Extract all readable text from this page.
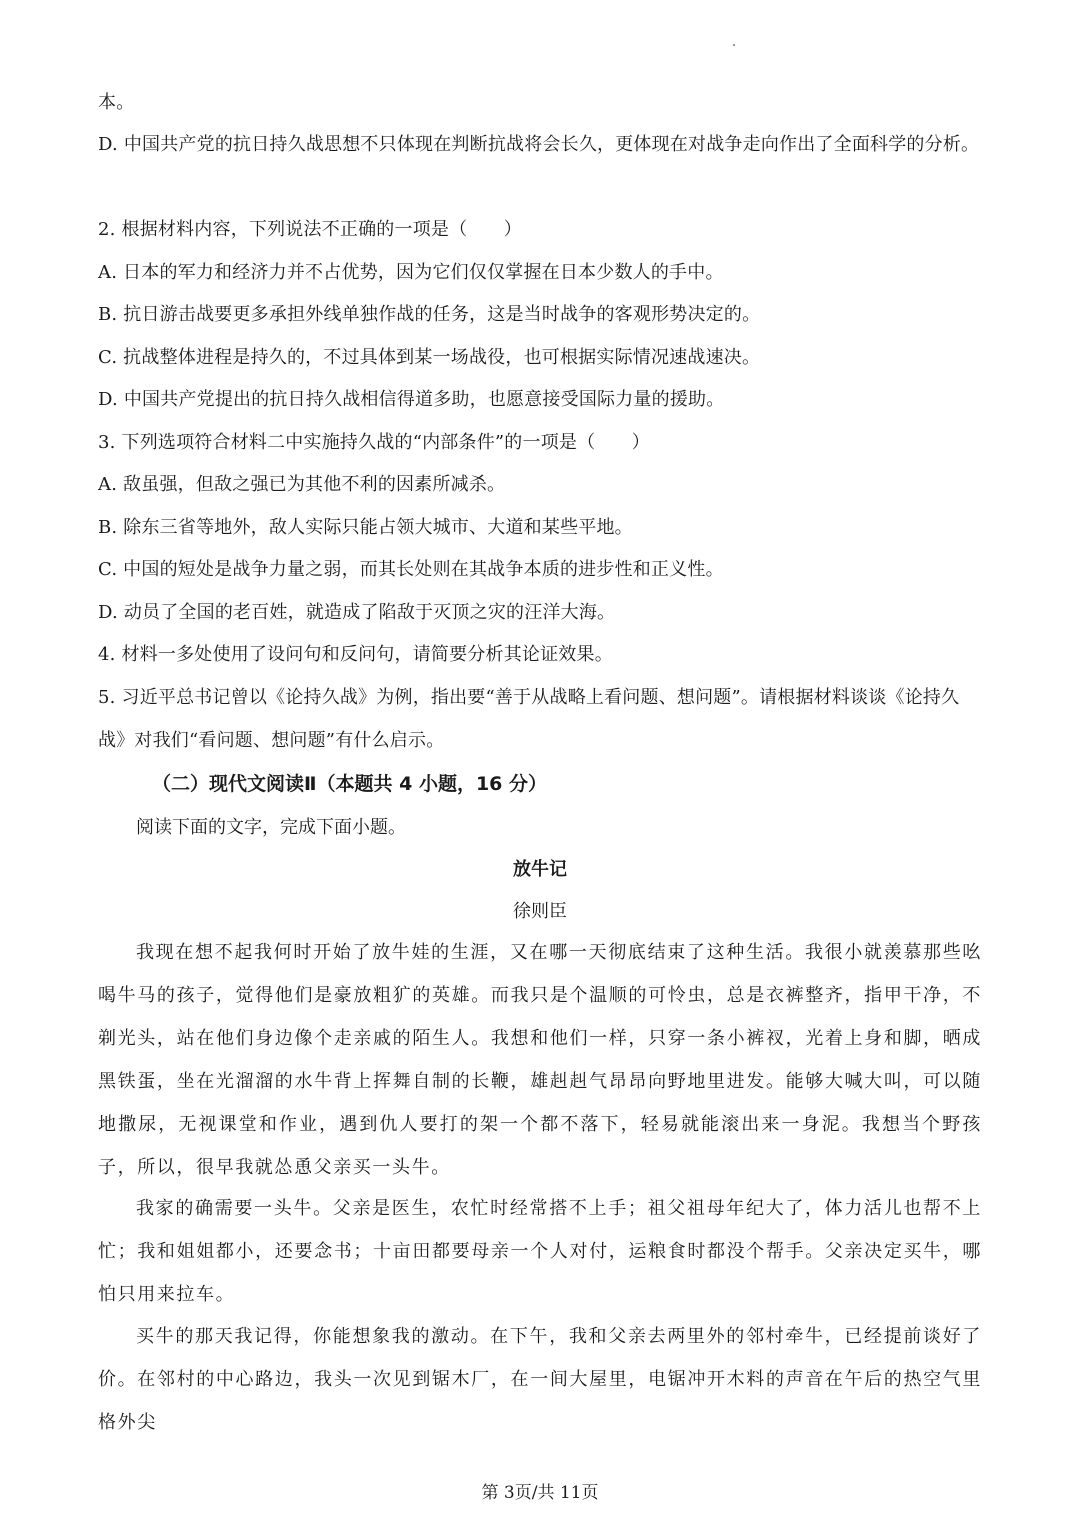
本。
D. 中国共产党的抗日持久战思想不只体现在判断抗战将会长久，更体现在对战争走向作出了全面科学的分析。
2. 根据材料内容，下列说法不正确的一项是（　　）
A. 日本的军力和经济力并不占优势，因为它们仅仅掌握在日本少数人的手中。
B. 抗日游击战要更多承担外线单独作战的任务，这是当时战争的客观形势决定的。
C. 抗战整体进程是持久的，不过具体到某一场战役，也可根据实际情况速战速决。
D. 中国共产党提出的抗日持久战相信得道多助，也愿意接受国际力量的援助。
3. 下列选项符合材料二中实施持久战的“内部条件”的一项是（　　）
A. 敌虽强，但敌之强已为其他不利的因素所减杀。
B. 除东三省等地外，敌人实际只能占领大城市、大道和某些平地。
C. 中国的短处是战争力量之弱，而其长处则在其战争本质的进步性和正义性。
D. 动员了全国的老百姓，就造成了陷敌于灭顶之灾的汪洋大海。
4. 材料一多处使用了设问句和反问句，请简要分析其论证效果。
5. 习近平总书记曾以《论持久战》为例，指出要“善于从战略上看问题、想问题”。请根据材料谈谈《论持久战》对我们“看问题、想问题”有什么启示。
（二）现代文阅读Ⅱ（本题共 4 小题，16 分）
阅读下面的文字，完成下面小题。
放牛记
徐则臣
我现在想不起我何时开始了放牛娃的生涯，又在哪一天彻底结束了这种生活。我很小就羡慕那些吆喝牛马的孩子，觉得他们是豪放粗犷的英雄。而我只是个温顺的可怜虫，总是衣裤整齐，指甲干净，不剃光头，站在他们身边像个走亲戚的陌生人。我想和他们一样，只穿一条小裤衩，光着上身和脚，晒成黑铁蛋，坐在光溜溜的水牛背上挥舞自制的长鞭，雄赳赳气昂昂向野地里进发。能够大喊大叫，可以随地撒尿，无视课堂和作业，遇到仇人要打的架一个都不落下，轻易就能滚出来一身泥。我想当个野孩子，所以，很早我就怂恿父亲买一头牛。
我家的确需要一头牛。父亲是医生，农忙时经常搭不上手；祖父祖母年纪大了，体力活儿也帮不上忙；我和姐姐都小，还要念书；十亩田都要母亲一个人对付，运粮食时都没个帮手。父亲决定买牛，哪怕只用来拉车。
买牛的那天我记得，你能想象我的激动。在下午，我和父亲去两里外的邻村牵牛，已经提前谈好了价。在邻村的中心路边，我头一次见到锯木厂，在一间大屋里，电锯冲开木料的声音在午后的热空气里格外尖
第 3页/共 11页
